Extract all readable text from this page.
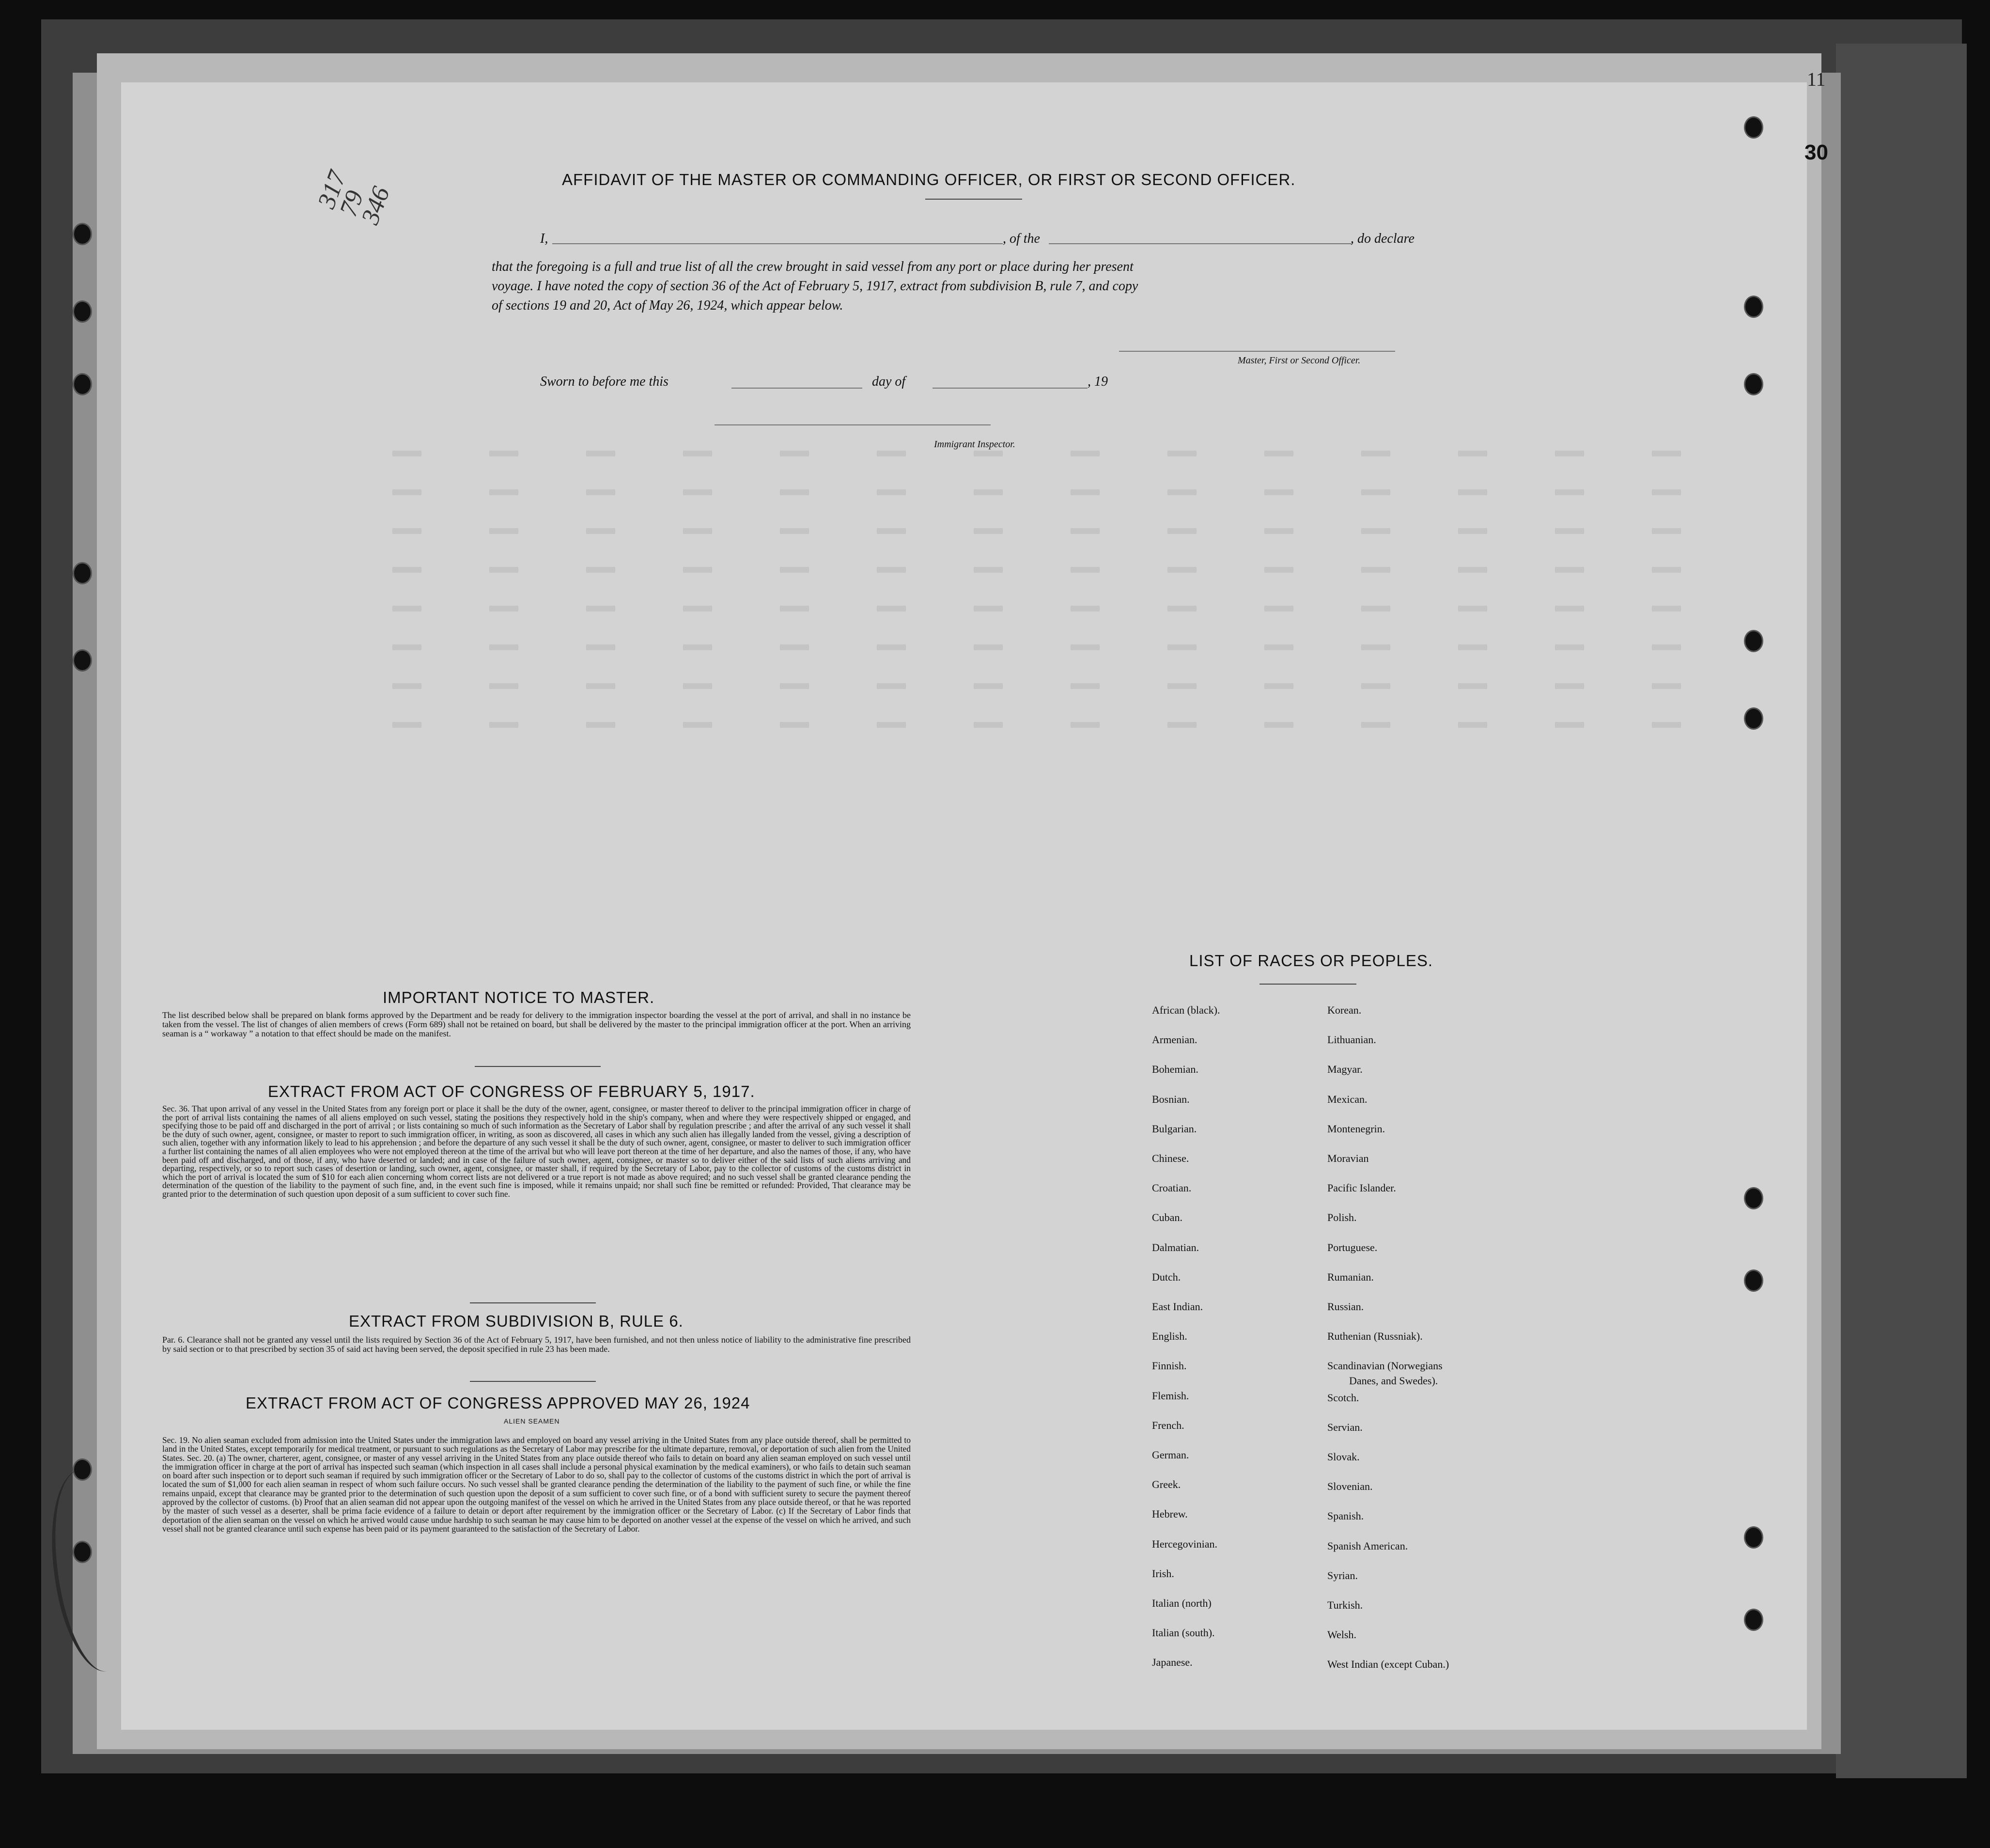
11
30
317
79
346
AFFIDAVIT OF THE MASTER OR COMMANDING OFFICER, OR FIRST OR SECOND OFFICER.
I,	, of the	, do declare
that the foregoing is a full and true list of all the crew brought in said vessel from any port or place during her present
voyage. I have noted the copy of section 36 of the Act of February 5, 1917, extract from subdivision B, rule 7, and copy
of sections 19 and 20, Act of May 26, 1924, which appear below.
Master, First or Second Officer.
Sworn to before me this	day of	, 19
Immigrant Inspector.
IMPORTANT NOTICE TO MASTER.
The list described below shall be prepared on blank forms approved by the Department and be ready for delivery to the immigration inspector boarding the vessel at the port of arrival, and shall in no instance be taken from the vessel. The list of changes of alien members of crews (Form 689) shall not be retained on board, but shall be delivered by the master to the principal immigration officer at the port. When an arriving seaman is a “ workaway ” a notation to that effect should be made on the manifest.
EXTRACT FROM ACT OF CONGRESS OF FEBRUARY 5, 1917.
Sec. 36. That upon arrival of any vessel in the United States from any foreign port or place it shall be the duty of the owner, agent, consignee, or master thereof to deliver to the principal immigration officer in charge of the port of arrival lists containing the names of all aliens employed on such vessel, stating the positions they respectively hold in the ship's company, when and where they were respectively shipped or engaged, and specifying those to be paid off and discharged in the port of arrival ; or lists containing so much of such information as the Secretary of Labor shall by regulation prescribe ; and after the arrival of any such vessel it shall be the duty of such owner, agent, consignee, or master to report to such immigration officer, in writing, as soon as discovered, all cases in which any such alien has illegally landed from the vessel, giving a description of such alien, together with any information likely to lead to his apprehension ; and before the departure of any such vessel it shall be the duty of such owner, agent, consignee, or master to deliver to such immigration officer a further list containing the names of all alien employees who were not employed thereon at the time of the arrival but who will leave port thereon at the time of her departure, and also the names of those, if any, who have been paid off and discharged, and of those, if any, who have deserted or landed; and in case of the failure of such owner, agent, consignee, or master so to deliver either of the said lists of such aliens arriving and departing, respectively, or so to report such cases of desertion or landing, such owner, agent, consignee, or master shall, if required by the Secretary of Labor, pay to the collector of customs of the customs district in which the port of arrival is located the sum of $10 for each alien concerning whom correct lists are not delivered or a true report is not made as above required; and no such vessel shall be granted clearance pending the determination of the question of the liability to the payment of such fine, and, in the event such fine is imposed, while it remains unpaid; nor shall such fine be remitted or refunded: Provided, That clearance may be granted prior to the determination of such question upon deposit of a sum sufficient to cover such fine.
EXTRACT FROM SUBDIVISION B, RULE 6.
Par. 6. Clearance shall not be granted any vessel until the lists required by Section 36 of the Act of February 5, 1917, have been furnished, and not then unless notice of liability to the administrative fine prescribed by said section or to that prescribed by section 35 of said act having been served, the deposit specified in rule 23 has been made.
EXTRACT FROM ACT OF CONGRESS APPROVED MAY 26, 1924
ALIEN SEAMEN
Sec. 19. No alien seaman excluded from admission into the United States under the immigration laws and employed on board any vessel arriving in the United States from any place outside thereof, shall be permitted to land in the United States, except temporarily for medical treatment, or pursuant to such regulations as the Secretary of Labor may prescribe for the ultimate departure, removal, or deportation of such alien from the United States. Sec. 20. (a) The owner, charterer, agent, consignee, or master of any vessel arriving in the United States from any place outside thereof who fails to detain on board any alien seaman employed on such vessel until the immigration officer in charge at the port of arrival has inspected such seaman (which inspection in all cases shall include a personal physical examination by the medical examiners), or who fails to detain such seaman on board after such inspection or to deport such seaman if required by such immigration officer or the Secretary of Labor to do so, shall pay to the collector of customs of the customs district in which the port of arrival is located the sum of $1,000 for each alien seaman in respect of whom such failure occurs. No such vessel shall be granted clearance pending the determination of the liability to the payment of such fine, or while the fine remains unpaid, except that clearance may be granted prior to the determination of such question upon the deposit of a sum sufficient to cover such fine, or of a bond with sufficient surety to secure the payment thereof approved by the collector of customs. (b) Proof that an alien seaman did not appear upon the outgoing manifest of the vessel on which he arrived in the United States from any place outside thereof, or that he was reported by the master of such vessel as a deserter, shall be prima facie evidence of a failure to detain or deport after requirement by the immigration officer or the Secretary of Labor. (c) If the Secretary of Labor finds that deportation of the alien seaman on the vessel on which he arrived would cause undue hardship to such seaman he may cause him to be deported on another vessel at the expense of the vessel on which he arrived, and such vessel shall not be granted clearance until such expense has been paid or its payment guaranteed to the satisfaction of the Secretary of Labor.
LIST OF RACES OR PEOPLES.
African (black).
Armenian.
Bohemian.
Bosnian.
Bulgarian.
Chinese.
Croatian.
Cuban.
Dalmatian.
Dutch.
East Indian.
English.
Finnish.
Flemish.
French.
German.
Greek.
Hebrew.
Hercegovinian.
Irish.
Italian (north)
Italian (south).
Japanese.
Korean.
Lithuanian.
Magyar.
Mexican.
Montenegrin.
Moravian
Pacific Islander.
Polish.
Portuguese.
Rumanian.
Russian.
Ruthenian (Russniak).
Scandinavian (Norwegians
Scotch.
Servian.
Slovak.
Slovenian.
Spanish.
Spanish American.
Syrian.
Turkish.
Welsh.
West Indian (except Cuban.)
Danes, and Swedes).
